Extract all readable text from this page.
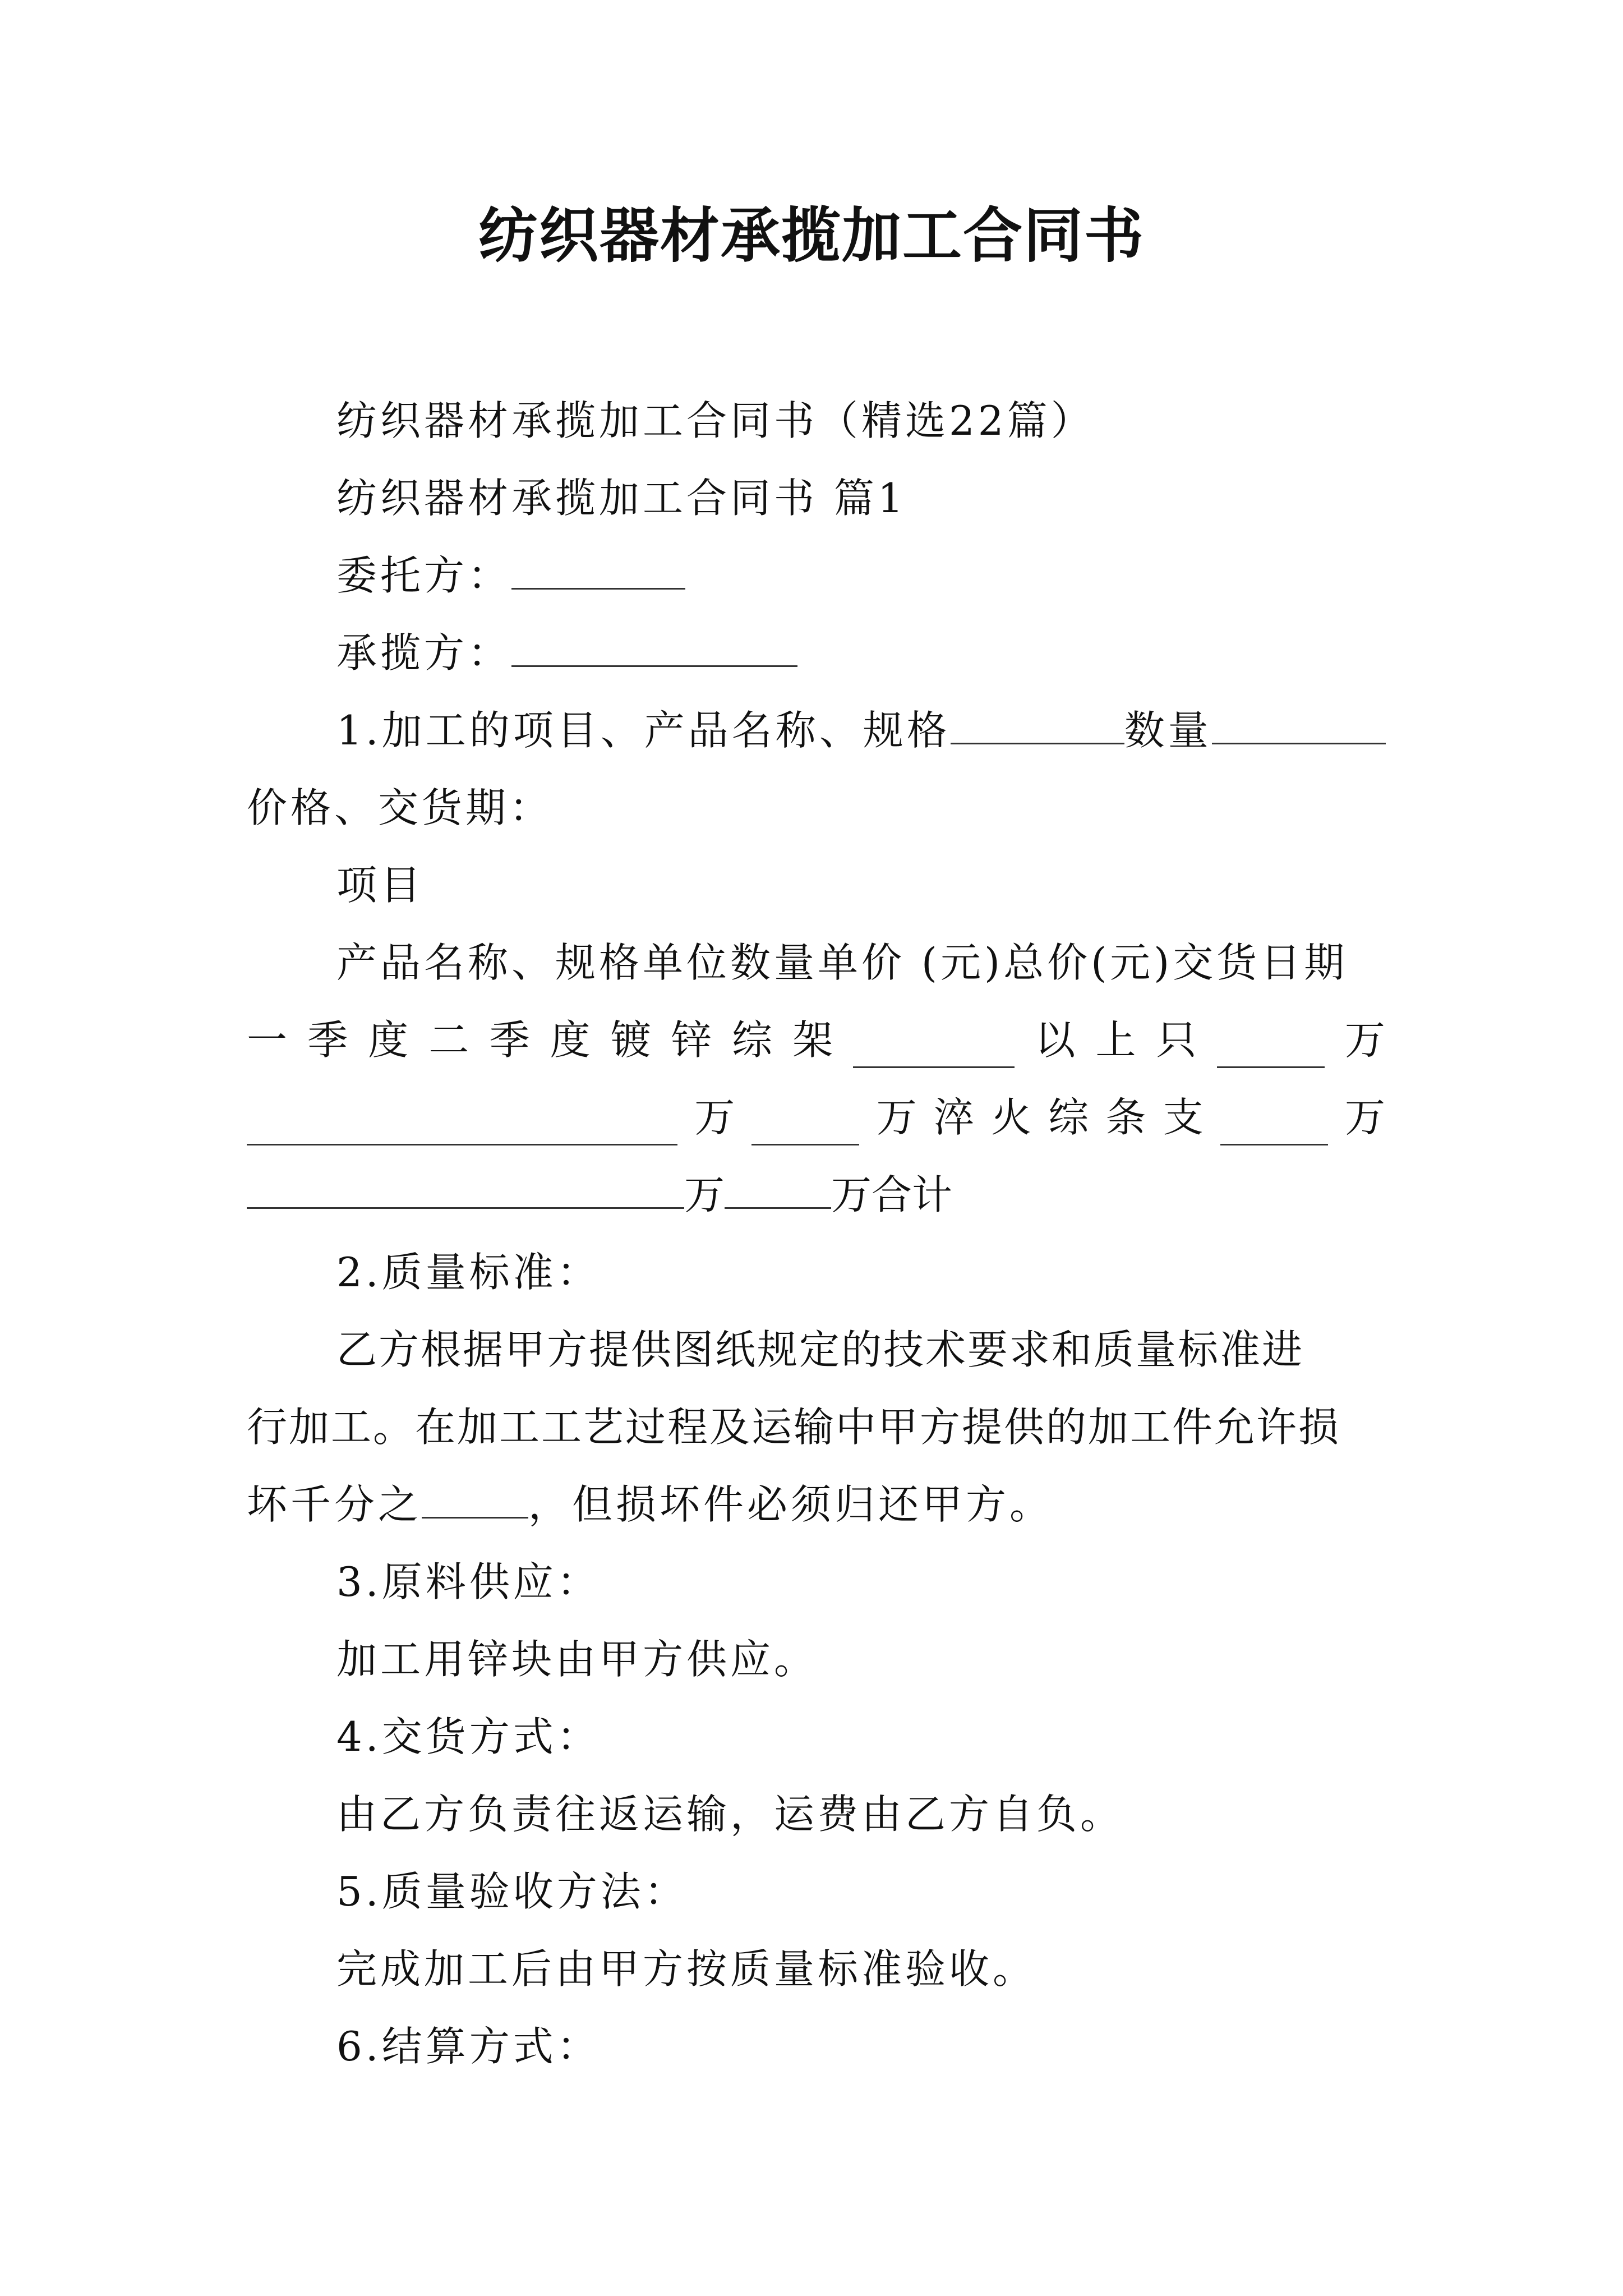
纺织器材承揽加工合同书
纺织器材承揽加工合同书（精选22篇）
纺织器材承揽加工合同书 篇1
委托方：
承揽方：
1.加工的项目、产品名称、规格	数量
价格、交货期：
项目
产品名称、规格单位数量单价 (元)总价(元)交货日期
一 季 度 二 季 度 镀 锌 综 架	以 上 只	万
万	万 淬 火 综 条 支	万
万	万合计
2.质量标准：
乙方根据甲方提供图纸规定的技术要求和质量标准进
行加工。在加工工艺过程及运输中甲方提供的加工件允许损
坏千分之	，但损坏件必须归还甲方。
3.原料供应：
加工用锌块由甲方供应。
4.交货方式：
由乙方负责往返运输，运费由乙方自负。
5.质量验收方法：
完成加工后由甲方按质量标准验收。
6.结算方式：
